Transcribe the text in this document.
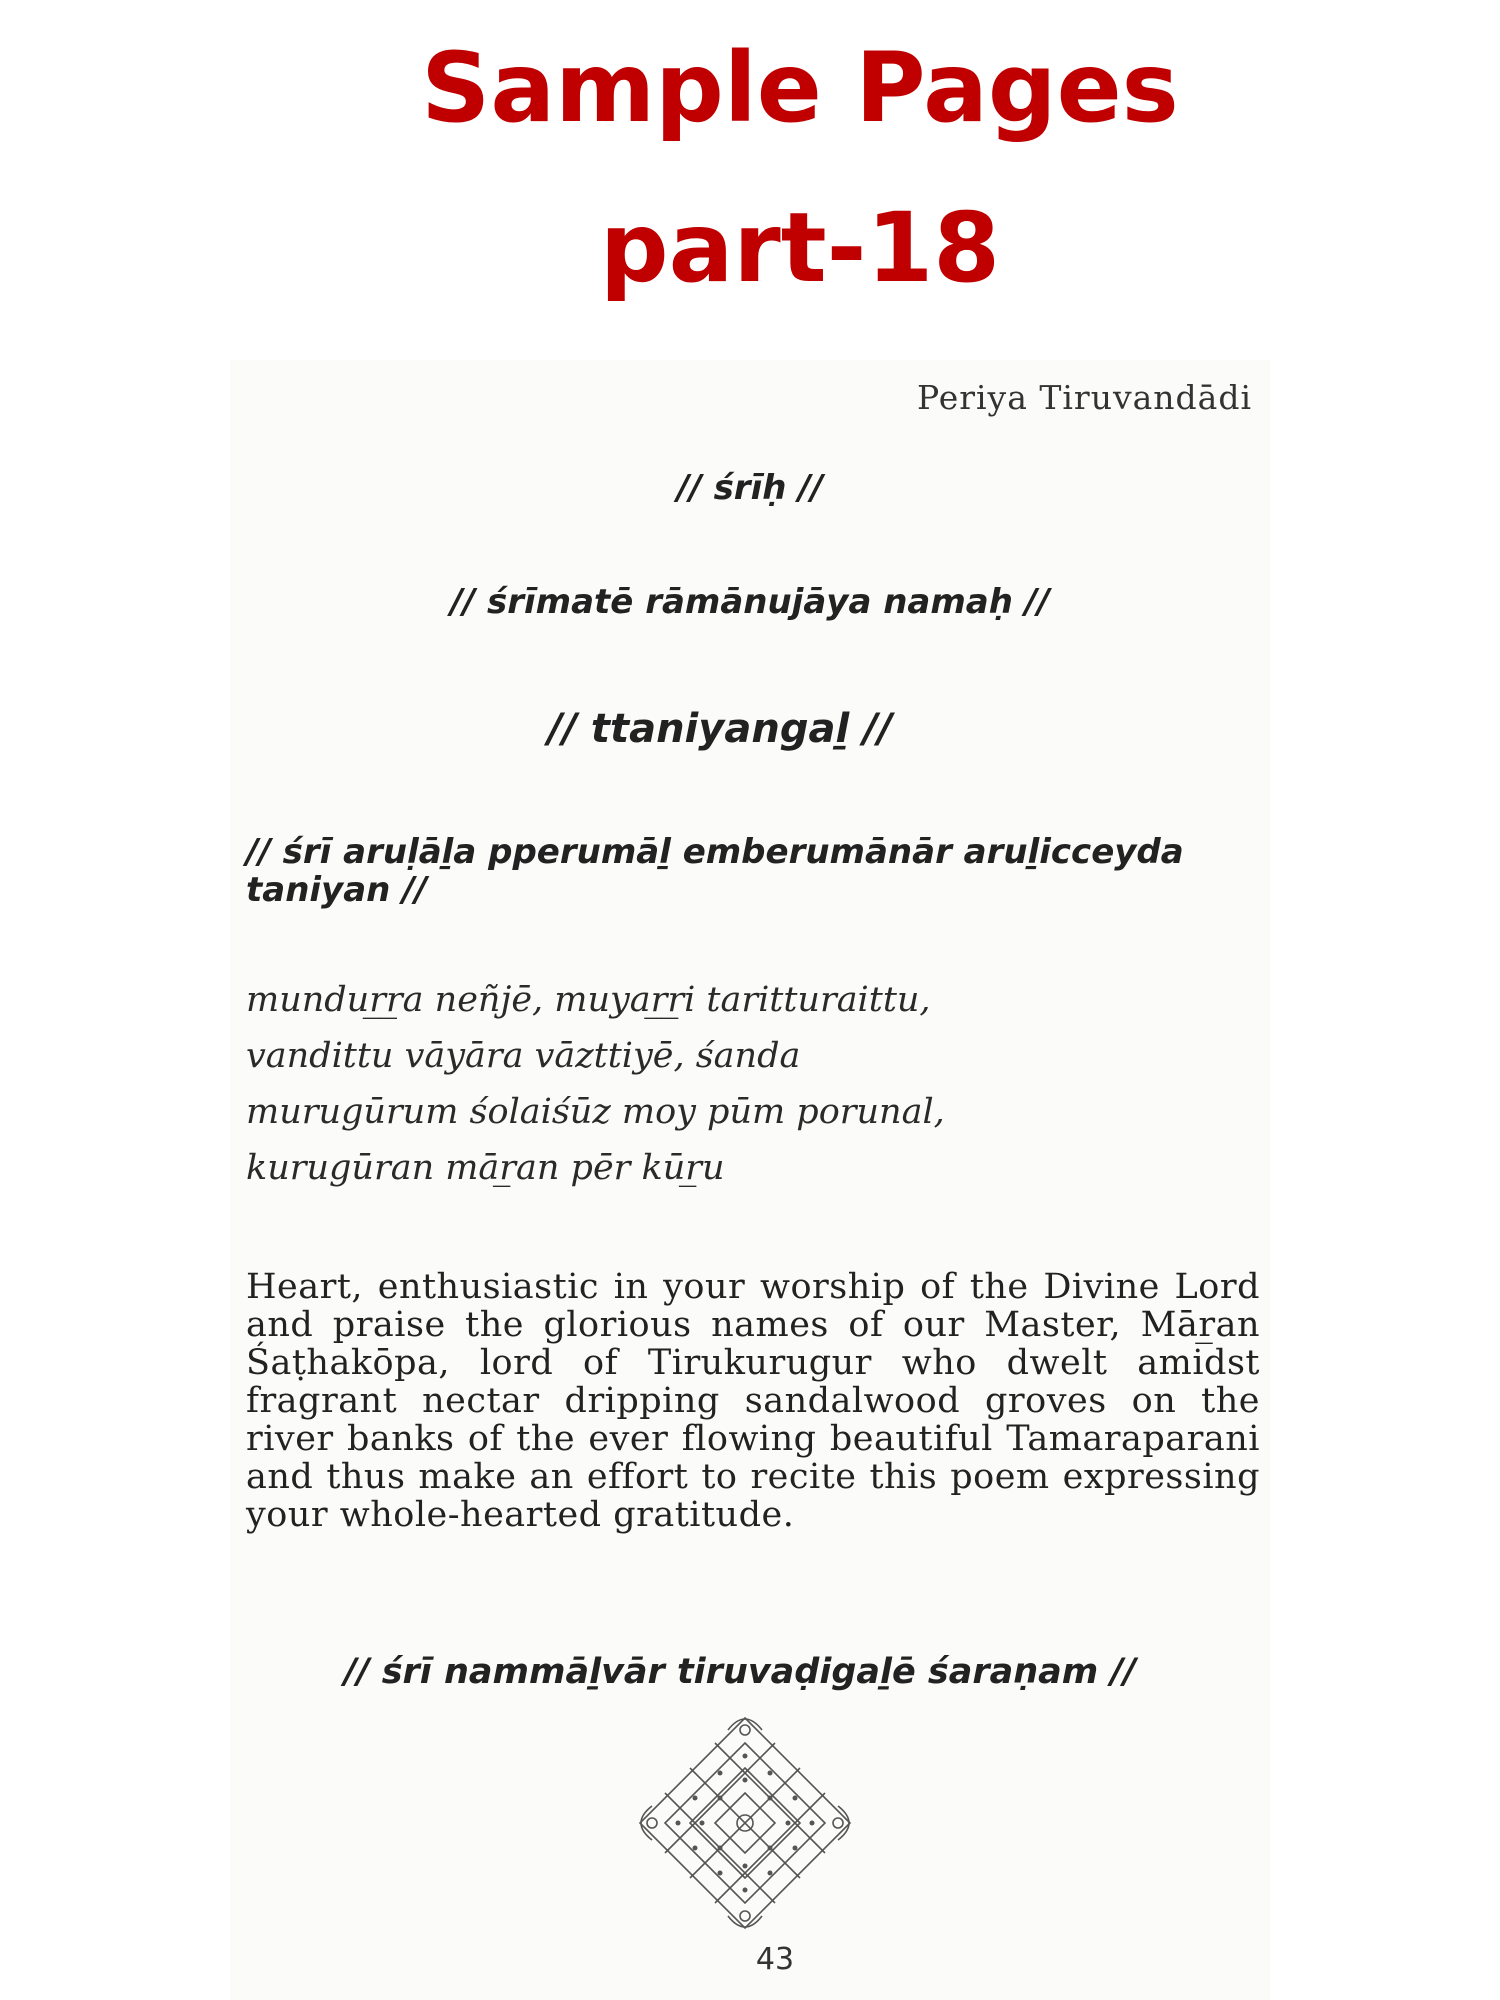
Sample Pages
part-18
Periya Tiruvandādi
// śrīḥ //
// śrīmatē rāmānujāya namaḥ //
// ttaniyangaḻ //
// śrī aruḷāḻa pperumāḻ emberumānār aruḻicceyda taniyan //
mundur̲r̲a neñjē, muyar̲r̲i taritturaittu,
vandittu vāyāra vāzttiyē, śanda
murugūrum śolaiśūz moy pūm porunal,
kurugūran mār̲an pēr kūr̲u

Heart, enthusiastic in your worship of the Divine Lord and praise the glorious names of our Master, Mār̲an Śaṭhakōpa, lord of Tirukurugur who dwelt amidst fragrant nectar dripping sandalwood groves on the river banks of the ever flowing beautiful Tamaraparani and thus make an effort to recite this poem expressing your whole-hearted gratitude.

// śrī nammāḻvār tiruvaḍigaḻē śaraṇam //
43
